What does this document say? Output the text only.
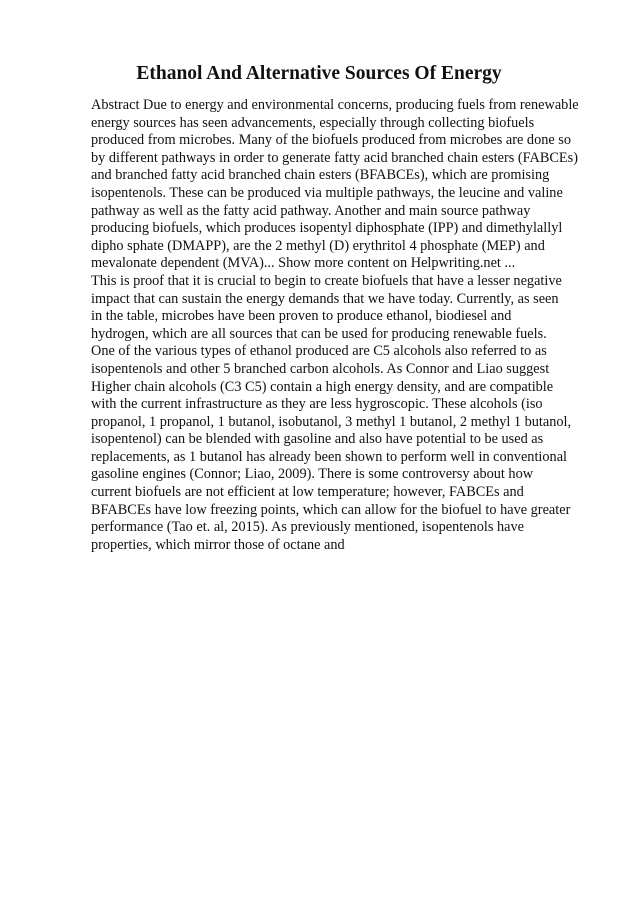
Ethanol And Alternative Sources Of Energy
Abstract Due to energy and environmental concerns, producing fuels from renewable
energy sources has seen advancements, especially through collecting biofuels
produced from microbes. Many of the biofuels produced from microbes are done so
by different pathways in order to generate fatty acid branched chain esters (FABCEs)
and branched fatty acid branched chain esters (BFABCEs), which are promising
isopentenols. These can be produced via multiple pathways, the leucine and valine
pathway as well as the fatty acid pathway. Another and main source pathway
producing biofuels, which produces isopentyl diphosphate (IPP) and dimethylallyl
dipho sphate (DMAPP), are the 2 methyl (D) erythritol 4 phosphate (MEP) and
mevalonate dependent (MVA)... Show more content on Helpwriting.net ...
This is proof that it is crucial to begin to create biofuels that have a lesser negative
impact that can sustain the energy demands that we have today. Currently, as seen
in the table, microbes have been proven to produce ethanol, biodiesel and
hydrogen, which are all sources that can be used for producing renewable fuels.
One of the various types of ethanol produced are C5 alcohols also referred to as
isopentenols and other 5 branched carbon alcohols. As Connor and Liao suggest
Higher chain alcohols (C3 C5) contain a high energy density, and are compatible
with the current infrastructure as they are less hygroscopic. These alcohols (iso
propanol, 1 propanol, 1 butanol, isobutanol, 3 methyl 1 butanol, 2 methyl 1 butanol,
isopentenol) can be blended with gasoline and also have potential to be used as
replacements, as 1 butanol has already been shown to perform well in conventional
gasoline engines (Connor; Liao, 2009). There is some controversy about how
current biofuels are not efficient at low temperature; however, FABCEs and
BFABCEs have low freezing points, which can allow for the biofuel to have greater
performance (Tao et. al, 2015). As previously mentioned, isopentenols have
properties, which mirror those of octane and
